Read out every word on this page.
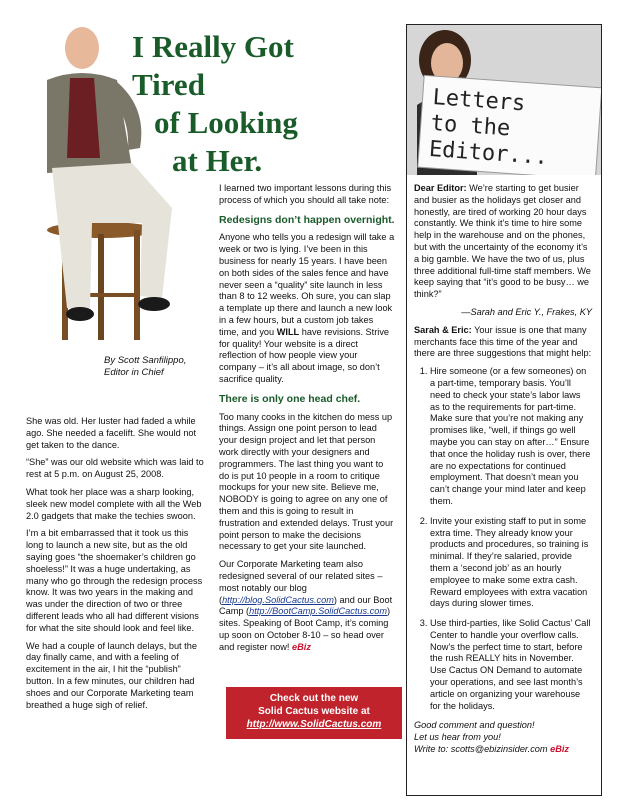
I Really Got Tired
of Looking
at Her.
By Scott Sanfilippo,
Editor in Chief

She was old. Her luster had faded a while ago. She needed a facelift. She would not get taken to the dance.

“She” was our old website which was laid to rest at 5 p.m. on August 25, 2008.

What took her place was a sharp looking, sleek new model complete with all the Web 2.0 gadgets that make the techies swoon.

I’m a bit embarrassed that it took us this long to launch a new site, but as the old saying goes “the shoemaker’s children go shoeless!” It was a huge undertaking, as many who go through the redesign process know. It was two years in the making and was under the direction of two or three different leads who all had different visions for what the site should look and feel like.

We had a couple of launch delays, but the day finally came, and with a feeling of excitement in the air, I hit the “publish” button. In a few minutes, our children had shoes and our Corporate Marketing team breathed a huge sigh of relief.

I learned two important lessons during this process of which you should all take note:

Redesigns don’t happen overnight.

Anyone who tells you a redesign will take a week or two is lying. I’ve been in this business for nearly 15 years. I have been on both sides of the sales fence and have never seen a “quality” site launch in less than 8 to 12 weeks. Oh sure, you can slap a template up there and launch a new look in a few hours, but a custom job takes time, and you WILL have revisions. Strive for quality! Your website is a direct reflection of how people view your company – it’s all about image, so don’t sacrifice quality.

There is only one head chef.

Too many cooks in the kitchen do mess up things. Assign one point person to lead your design project and let that person work directly with your designers and programmers. The last thing you want to do is put 10 people in a room to critique mockups for your new site. Believe me, NOBODY is going to agree on any one of them and this is going to result in frustration and extended delays. Trust your point person to make the decisions necessary to get your site launched.

Our Corporate Marketing team also redesigned several of our related sites – most notably our blog (http://blog.SolidCactus.com) and our Boot Camp (http://BootCamp.SolidCactus.com) sites. Speaking of Boot Camp, it’s coming up soon on October 8-10 – so head over and register now! eBiz

Check out the new
Solid Cactus website at
http://www.SolidCactus.com
Letters
to the
Editor...

Dear Editor: We’re starting to get busier and busier as the holidays get closer and honestly, are tired of working 20 hour days constantly. We think it’s time to hire some help in the warehouse and on the phones, but with the uncertainty of the economy it’s a big gamble. We have the two of us, plus three additional full-time staff members. We keep saying that “it’s good to be busy… we think?”

—Sarah and Eric Y., Frakes, KY

Sarah & Eric: Your issue is one that many merchants face this time of the year and there are three suggestions that might help:

1. Hire someone (or a few someones) on a part-time, temporary basis. You’ll need to check your state’s labor laws as to the requirements for part-time. Make sure that you’re not making any promises like, “well, if things go well maybe you can stay on after…” Ensure that once the holiday rush is over, there are no expectations for continued employment. That doesn’t mean you can’t change your mind later and keep them.
2. Invite your existing staff to put in some extra time. They already know your products and procedures, so training is minimal. If they’re salaried, provide them a ‘second job’ as an hourly employee to make some extra cash. Reward employees with extra vacation days during slower times.
3. Use third-parties, like Solid Cactus’ Call Center to handle your overflow calls. Now’s the perfect time to start, before the rush REALLY hits in November. Use Cactus ON Demand to automate your operations, and see last month’s article on organizing your warehouse for the holidays.
Good comment and question!
Let us hear from you!
Write to: scotts@ebizinsider.com eBiz
